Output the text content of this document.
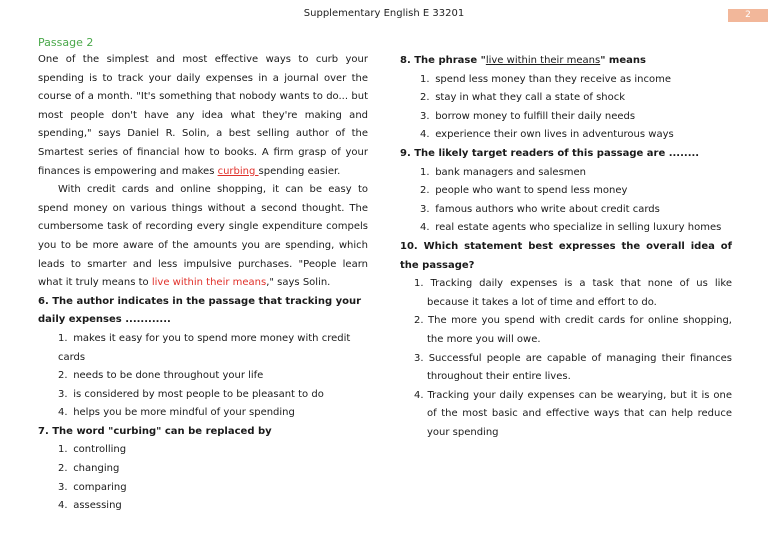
Supplementary English E 33201	2
Passage 2

One of the simplest and most effective ways to curb your spending is to track your daily expenses in a journal over the course of a month. "It's something that nobody wants to do... but most people don't have any idea what they're making and spending," says Daniel R. Solin, a best selling author of the Smartest series of financial how to books. A firm grasp of your finances is empowering and makes curbing spending easier.

With credit cards and online shopping, it can be easy to spend money on various things without a second thought. The cumbersome task of recording every single expenditure compels you to be more aware of the amounts you are spending, which leads to smarter and less impulsive purchases. "People learn what it truly means to live within their means," says Solin.

6. The author indicates in the passage that tracking your daily expenses ............

1. makes it easy for you to spend more money with credit cards
2. needs to be done throughout your life
3. is considered by most people to be pleasant to do
4. helps you be more mindful of your spending

7. The word "curbing" can be replaced by

1. controlling
2. changing
3. comparing
4. assessing

8. The phrase "live within their means" means

1. spend less money than they receive as income
2. stay in what they call a state of shock
3. borrow money to fulfill their daily needs
4. experience their own lives in adventurous ways

9. The likely target readers of this passage are ........

1. bank managers and salesmen
2. people who want to spend less money
3. famous authors who write about credit cards
4. real estate agents who specialize in selling luxury homes

10. Which statement best expresses the overall idea of the passage?

1. Tracking daily expenses is a task that none of us like because it takes a lot of time and effort to do.
2. The more you spend with credit cards for online shopping, the more you will owe.
3. Successful people are capable of managing their finances throughout their entire lives.
4. Tracking your daily expenses can be wearying, but it is one of the most basic and effective ways that can help reduce your spending
